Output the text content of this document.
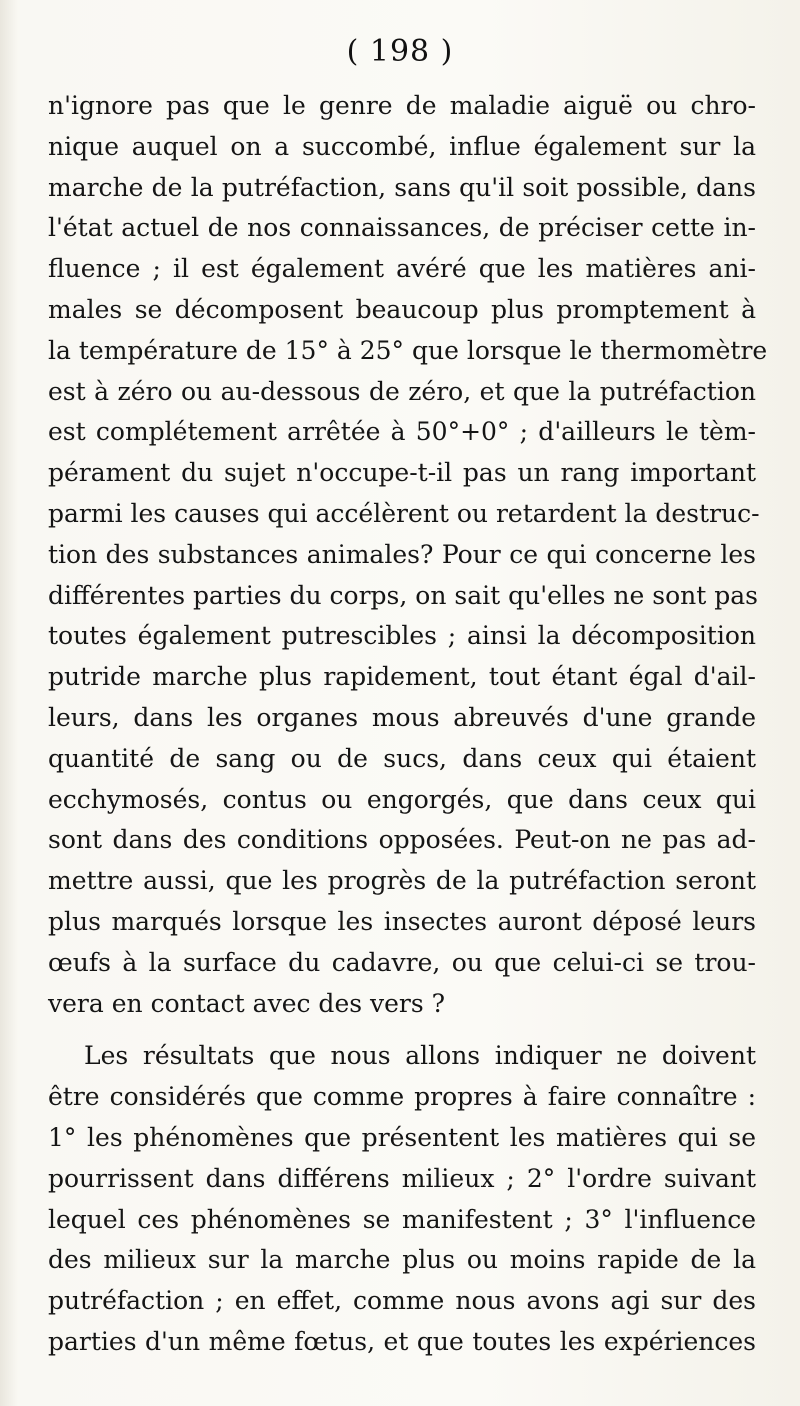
( 198 )
n'ignore pas que le genre de maladie aiguë ou chro-
nique auquel on a succombé, influe également sur la
marche de la putréfaction, sans qu'il soit possible, dans
l'état actuel de nos connaissances, de préciser cette in-
fluence ; il est également avéré que les matières ani-
males se décomposent beaucoup plus promptement à
la température de 15° à 25° que lorsque le thermomètre
est à zéro ou au-dessous de zéro, et que la putréfaction
est complétement arrêtée à 50°+0° ; d'ailleurs le tèm-
pérament du sujet n'occupe-t-il pas un rang important
parmi les causes qui accélèrent ou retardent la destruc-
tion des substances animales? Pour ce qui concerne les
différentes parties du corps, on sait qu'elles ne sont pas
toutes également putrescibles ; ainsi la décomposition
putride marche plus rapidement, tout étant égal d'ail-
leurs, dans les organes mous abreuvés d'une grande
quantité de sang ou de sucs, dans ceux qui étaient
ecchymosés, contus ou engorgés, que dans ceux qui
sont dans des conditions opposées. Peut-on ne pas ad-
mettre aussi, que les progrès de la putréfaction seront
plus marqués lorsque les insectes auront déposé leurs
œufs à la surface du cadavre, ou que celui-ci se trou-
vera en contact avec des vers ?
Les résultats que nous allons indiquer ne doivent
être considérés que comme propres à faire connaître :
1° les phénomènes que présentent les matières qui se
pourrissent dans différens milieux ; 2° l'ordre suivant
lequel ces phénomènes se manifestent ; 3° l'influence
des milieux sur la marche plus ou moins rapide de la
putréfaction ; en effet, comme nous avons agi sur des
parties d'un même fœtus, et que toutes les expériences
